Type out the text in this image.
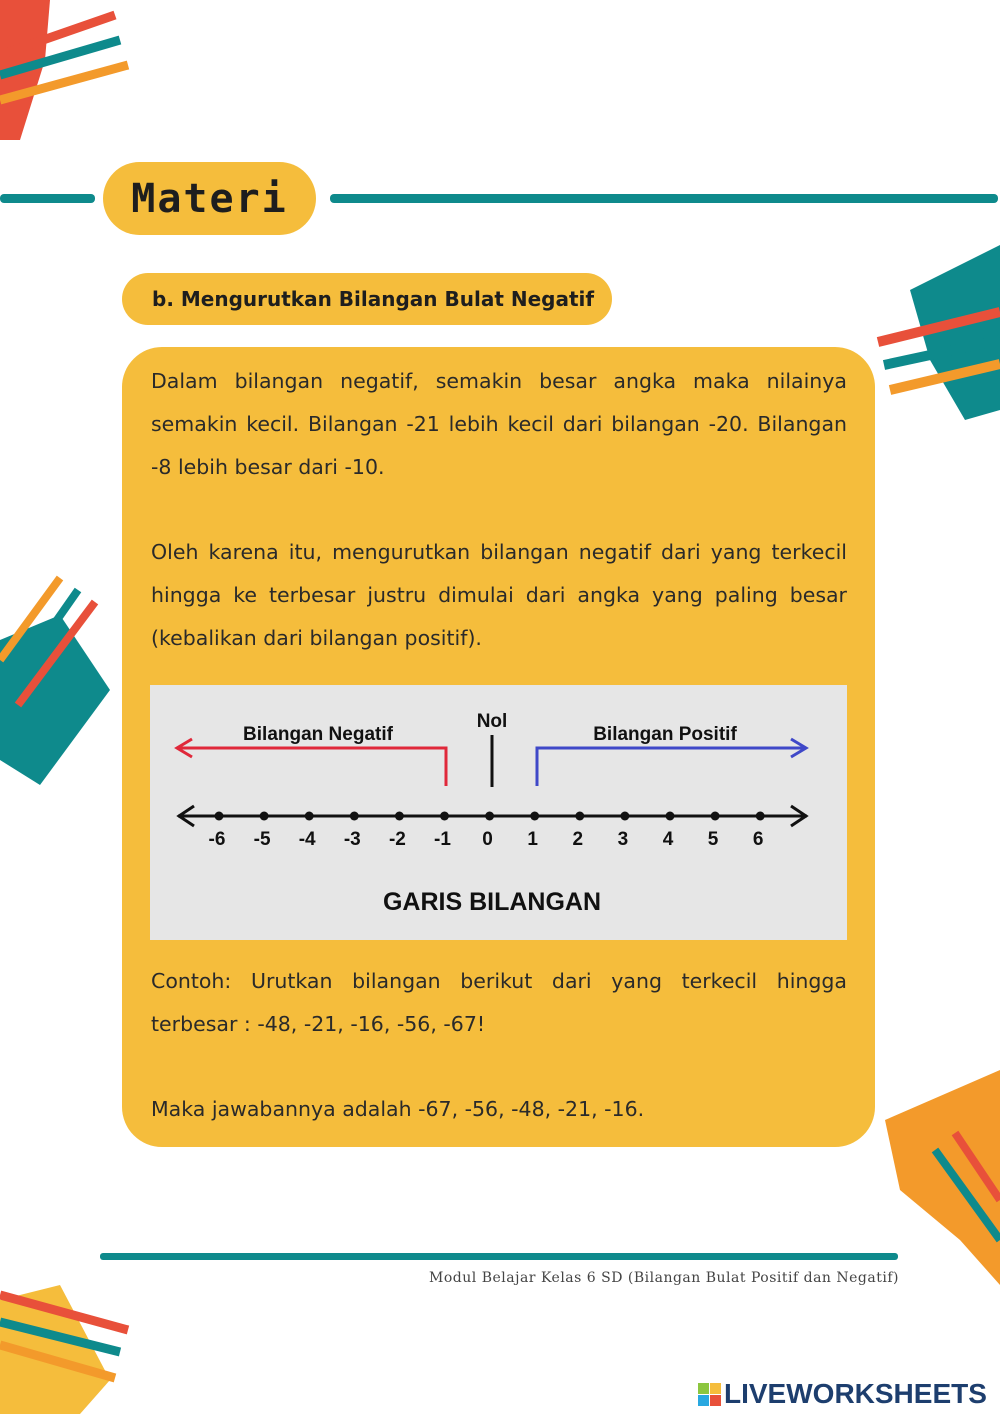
Materi
b. Mengurutkan Bilangan Bulat Negatif
Dalam bilangan negatif, semakin besar angka maka nilainya semakin kecil. Bilangan -21 lebih kecil dari bilangan -20. Bilangan -8 lebih besar dari -10.
Oleh karena itu, mengurutkan bilangan negatif dari yang terkecil hingga ke terbesar justru dimulai dari angka yang paling besar (kebalikan dari bilangan positif).
Bilangan Negatif
Nol
Bilangan Positif
-6 -5 -4 -3 -2 -1 0 1 2 3 4 5 6
GARIS BILANGAN
Contoh: Urutkan bilangan berikut dari yang terkecil hingga terbesar : -48, -21, -16, -56, -67!
Maka jawabannya adalah -67, -56, -48, -21, -16.
Modul Belajar Kelas 6 SD (Bilangan Bulat Positif dan Negatif)
LIVEWORKSHEETS
